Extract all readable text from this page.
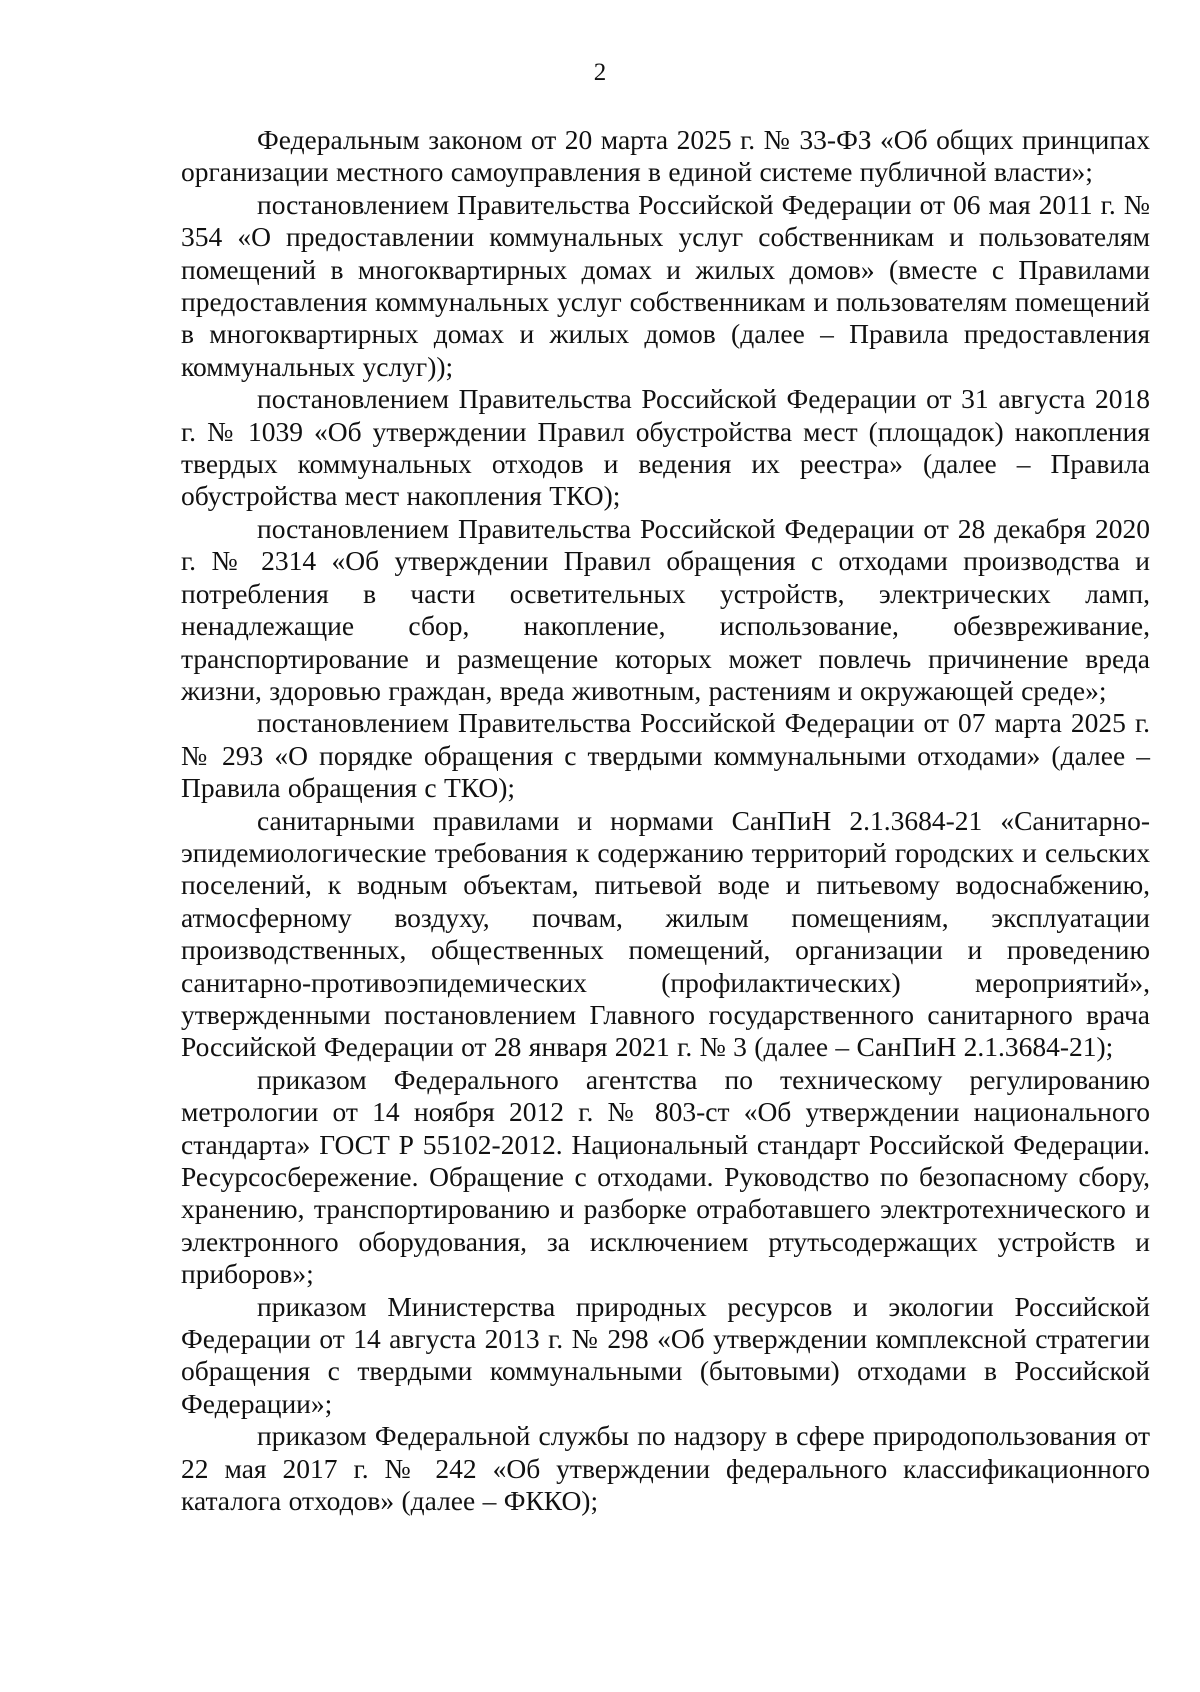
2

Федеральным законом от 20 марта 2025 г. № 33-ФЗ «Об общих принципах организации местного самоуправления в единой системе публичной власти»;

постановлением Правительства Российской Федерации от 06 мая 2011 г. № 354 «О предоставлении коммунальных услуг собственникам и пользователям помещений в многоквартирных домах и жилых домов» (вместе с Правилами предоставления коммунальных услуг собственникам и пользователям помещений в многоквартирных домах и жилых домов (далее – Правила предоставления коммунальных услуг));

постановлением Правительства Российской Федерации от 31 августа 2018 г. № 1039 «Об утверждении Правил обустройства мест (площадок) накопления твердых коммунальных отходов и ведения их реестра» (далее – Правила обустройства мест накопления ТКО);

постановлением Правительства Российской Федерации от 28 декабря 2020 г. № 2314 «Об утверждении Правил обращения с отходами производства и потребления в части осветительных устройств, электрических ламп, ненадлежащие сбор, накопление, использование, обезвреживание, транспортирование и размещение которых может повлечь причинение вреда жизни, здоровью граждан, вреда животным, растениям и окружающей среде»;

постановлением Правительства Российской Федерации от 07 марта 2025 г. № 293 «О порядке обращения с твердыми коммунальными отходами» (далее – Правила обращения с ТКО);

санитарными правилами и нормами СанПиН 2.1.3684-21 «Санитарно-эпидемиологические требования к содержанию территорий городских и сельских поселений, к водным объектам, питьевой воде и питьевому водоснабжению, атмосферному воздуху, почвам, жилым помещениям, эксплуатации производственных, общественных помещений, организации и проведению санитарно-противоэпидемических (профилактических) мероприятий», утвержденными постановлением Главного государственного санитарного врача Российской Федерации от 28 января 2021 г. № 3 (далее – СанПиН 2.1.3684-21);

приказом Федерального агентства по техническому регулированию метрологии от 14 ноября 2012 г. № 803-ст «Об утверждении национального стандарта» ГОСТ Р 55102-2012. Национальный стандарт Российской Федерации. Ресурсосбережение. Обращение с отходами. Руководство по безопасному сбору, хранению, транспортированию и разборке отработавшего электротехнического и электронного оборудования, за исключением ртутьсодержащих устройств и приборов»;

приказом Министерства природных ресурсов и экологии Российской Федерации от 14 августа 2013 г. № 298 «Об утверждении комплексной стратегии обращения с твердыми коммунальными (бытовыми) отходами в Российской Федерации»;

приказом Федеральной службы по надзору в сфере природопользования от 22 мая 2017 г. № 242 «Об утверждении федерального классификационного каталога отходов» (далее – ФККО);
